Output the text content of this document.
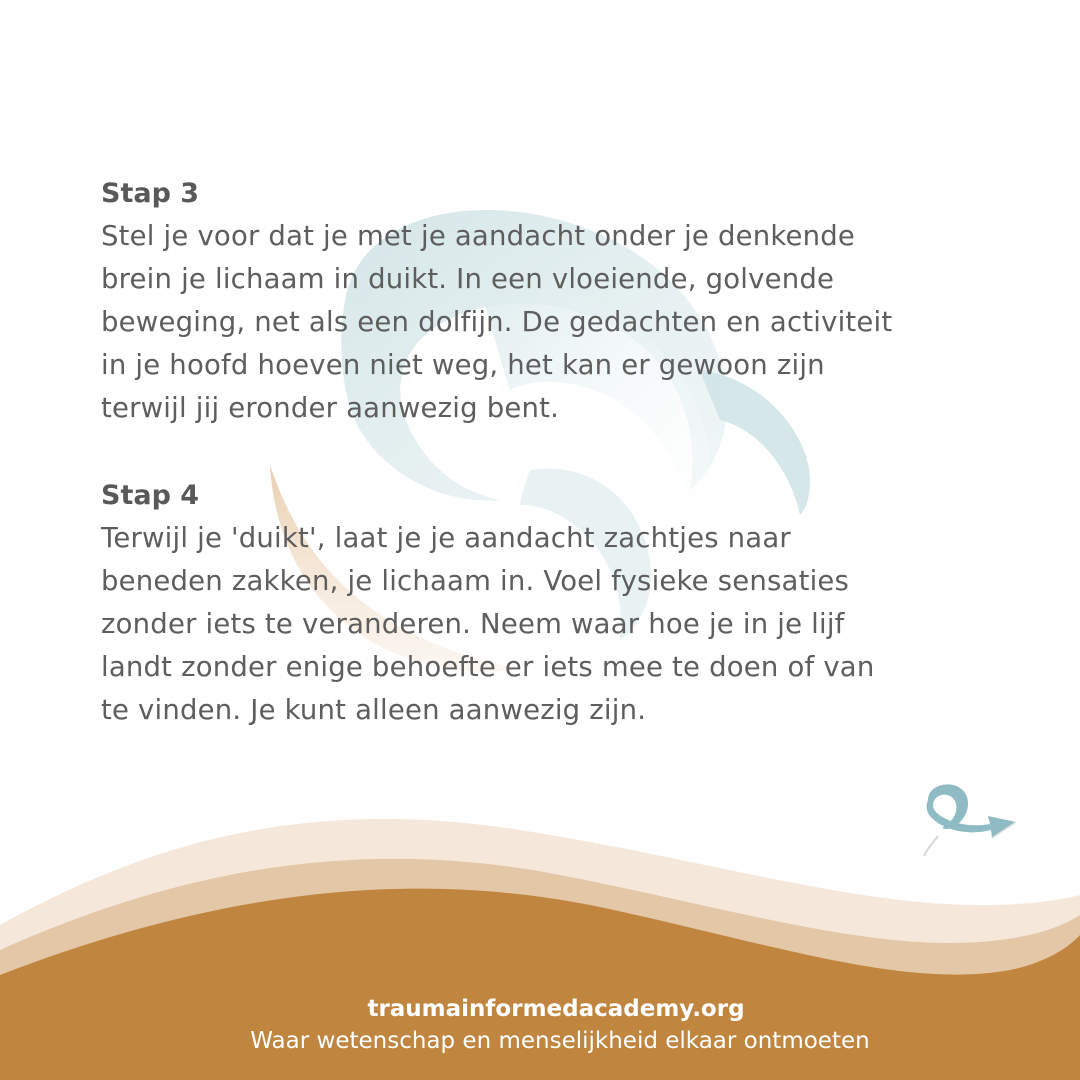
Stap 3

Stel je voor dat je met je aandacht onder je denkende

brein je lichaam in duikt. In een vloeiende, golvende

beweging, net als een dolfijn. De gedachten en activiteit

in je hoofd hoeven niet weg, het kan er gewoon zijn

terwijl jij eronder aanwezig bent.

Stap 4

Terwijl je 'duikt', laat je je aandacht zachtjes naar

beneden zakken, je lichaam in. Voel fysieke sensaties

zonder iets te veranderen. Neem waar hoe je in je lijf

landt zonder enige behoefte er iets mee te doen of van

te vinden. Je kunt alleen aanwezig zijn.

traumainformedacademy.org
Waar wetenschap en menselijkheid elkaar ontmoeten
